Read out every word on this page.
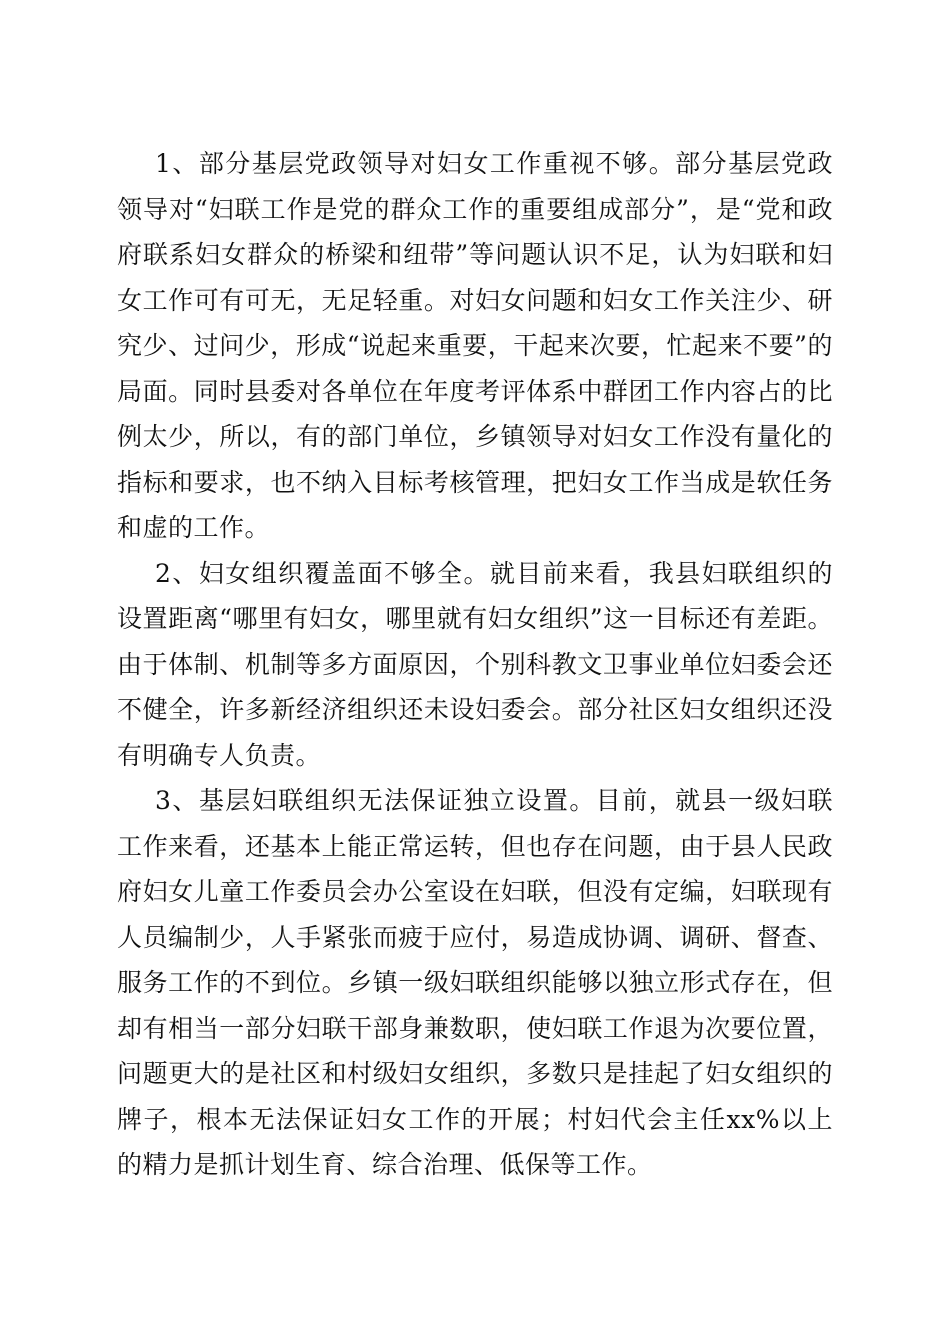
1、部分基层党政领导对妇女工作重视不够。部分基层党政领导对“妇联工作是党的群众工作的重要组成部分”，是“党和政府联系妇女群众的桥梁和纽带”等问题认识不足，认为妇联和妇女工作可有可无，无足轻重。对妇女问题和妇女工作关注少、研究少、过问少，形成“说起来重要，干起来次要，忙起来不要”的局面。同时县委对各单位在年度考评体系中群团工作内容占的比例太少，所以，有的部门单位，乡镇领导对妇女工作没有量化的指标和要求，也不纳入目标考核管理，把妇女工作当成是软任务和虚的工作。

2、妇女组织覆盖面不够全。就目前来看，我县妇联组织的设置距离“哪里有妇女，哪里就有妇女组织”这一目标还有差距。由于体制、机制等多方面原因，个别科教文卫事业单位妇委会还不健全，许多新经济组织还未设妇委会。部分社区妇女组织还没有明确专人负责。

3、基层妇联组织无法保证独立设置。目前，就县一级妇联工作来看，还基本上能正常运转，但也存在问题，由于县人民政府妇女儿童工作委员会办公室设在妇联，但没有定编，妇联现有人员编制少，人手紧张而疲于应付，易造成协调、调研、督查、服务工作的不到位。乡镇一级妇联组织能够以独立形式存在，但却有相当一部分妇联干部身兼数职，使妇联工作退为次要位置，问题更大的是社区和村级妇女组织，多数只是挂起了妇女组织的牌子，根本无法保证妇女工作的开展；村妇代会主任xx%以上的精力是抓计划生育、综合治理、低保等工作。
